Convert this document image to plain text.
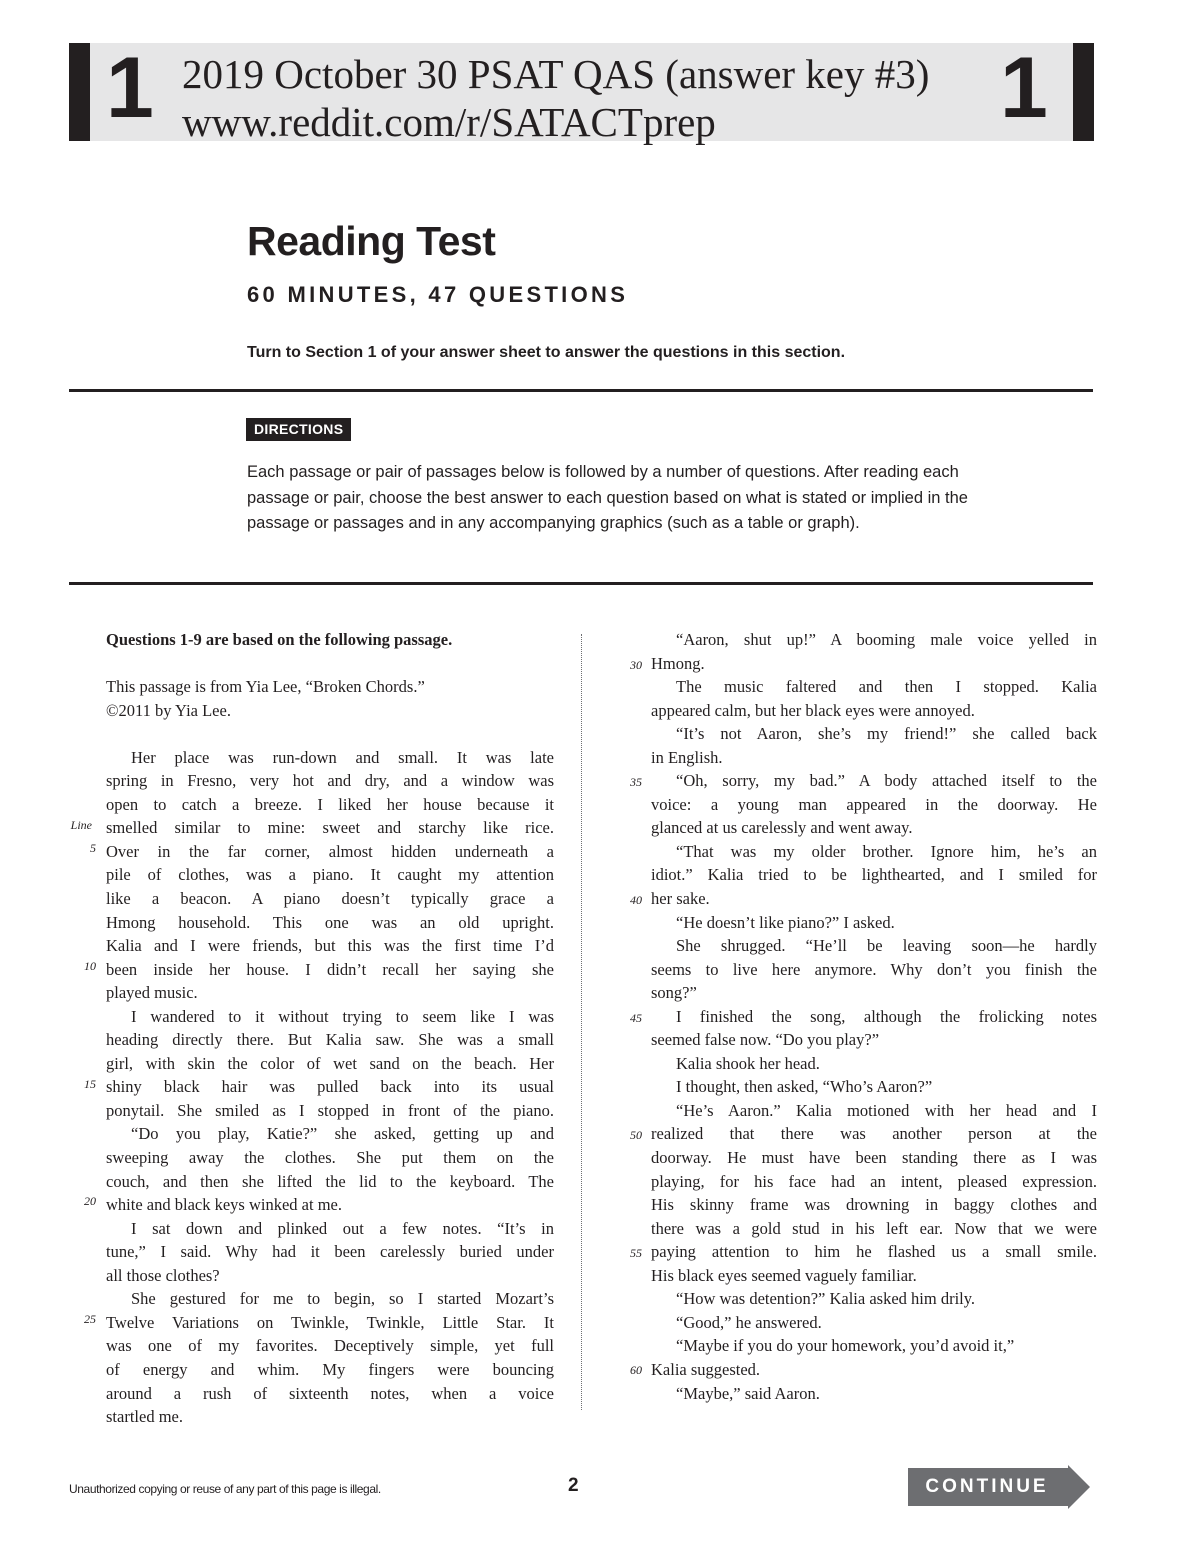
1	1
2019 October 30 PSAT QAS (answer key #3)
www.reddit.com/r/SATACTprep
Reading Test
60 MINUTES, 47 QUESTIONS
Turn to Section 1 of your answer sheet to answer the questions in this section.
DIRECTIONS
Each passage or pair of passages below is followed by a number of questions. After reading each passage or pair, choose the best answer to each question based on what is stated or implied in the passage or passages and in any accompanying graphics (such as a table or graph).
Questions 1-9 are based on the following passage.
This passage is from Yia Lee, “Broken Chords.”
©2011 by Yia Lee.
Her place was run-down and small. It was late
spring in Fresno, very hot and dry, and a window was
open to catch a breeze. I liked her house because it
smelled similar to mine: sweet and starchy like rice.
Over in the far corner, almost hidden underneath a
pile of clothes, was a piano. It caught my attention
like a beacon. A piano doesn’t typically grace a
Hmong household. This one was an old upright.
Kalia and I were friends, but this was the first time I’d
been inside her house. I didn’t recall her saying she
played music.
I wandered to it without trying to seem like I was
heading directly there. But Kalia saw. She was a small
girl, with skin the color of wet sand on the beach. Her
shiny black hair was pulled back into its usual
ponytail. She smiled as I stopped in front of the piano.
“Do you play, Katie?” she asked, getting up and
sweeping away the clothes. She put them on the
couch, and then she lifted the lid to the keyboard. The
white and black keys winked at me.
I sat down and plinked out a few notes. “It’s in
tune,” I said. Why had it been carelessly buried under
all those clothes?
She gestured for me to begin, so I started Mozart’s
Twelve Variations on Twinkle, Twinkle, Little Star. It
was one of my favorites. Deceptively simple, yet full
of energy and whim. My fingers were bouncing
around a rush of sixteenth notes, when a voice
startled me.
Line
5
10
15
20
25
“Aaron, shut up!” A booming male voice yelled in
Hmong.
The music faltered and then I stopped. Kalia
appeared calm, but her black eyes were annoyed.
“It’s not Aaron, she’s my friend!” she called back
in English.
“Oh, sorry, my bad.” A body attached itself to the
voice: a young man appeared in the doorway. He
glanced at us carelessly and went away.
“That was my older brother. Ignore him, he’s an
idiot.” Kalia tried to be lighthearted, and I smiled for
her sake.
“He doesn’t like piano?” I asked.
She shrugged. “He’ll be leaving soon—he hardly
seems to live here anymore. Why don’t you finish the
song?”
I finished the song, although the frolicking notes
seemed false now. “Do you play?”
Kalia shook her head.
I thought, then asked, “Who’s Aaron?”
“He’s Aaron.” Kalia motioned with her head and I
realized that there was another person at the
doorway. He must have been standing there as I was
playing, for his face had an intent, pleased expression.
His skinny frame was drowning in baggy clothes and
there was a gold stud in his left ear. Now that we were
paying attention to him he flashed us a small smile.
His black eyes seemed vaguely familiar.
“How was detention?” Kalia asked him drily.
“Good,” he answered.
“Maybe if you do your homework, you’d avoid it,”
Kalia suggested.
“Maybe,” said Aaron.
30
35
40
45
50
55
60
Unauthorized copying or reuse of any part of this page is illegal.	2	CONTINUE
